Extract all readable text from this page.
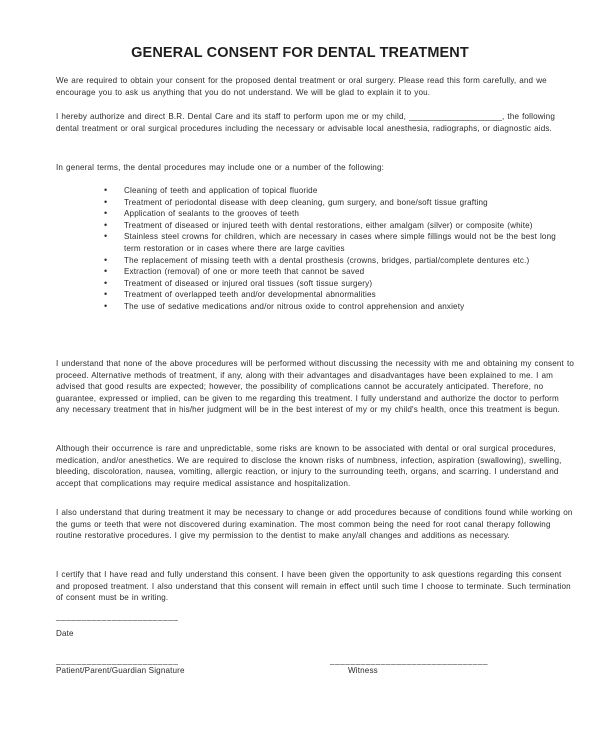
GENERAL CONSENT FOR DENTAL TREATMENT

We are required to obtain your consent for the proposed dental treatment or oral surgery. Please read this form carefully, and we encourage you to ask us anything that you do not understand. We will be glad to explain it to you.

I hereby authorize and direct B.R. Dental Care and its staff to perform upon me or my child, ____________________, the following dental treatment or oral surgical procedures including the necessary or advisable local anesthesia, radiographs, or diagnostic aids.

In general terms, the dental procedures may include one or a number of the following:

• Cleaning of teeth and application of topical fluoride
• Treatment of periodontal disease with deep cleaning, gum surgery, and bone/soft tissue grafting
• Application of sealants to the grooves of teeth
• Treatment of diseased or injured teeth with dental restorations, either amalgam (silver) or composite (white)
• Stainless steel crowns for children, which are necessary in cases where simple fillings would not be the best long term restoration or in cases where there are large cavities
• The replacement of missing teeth with a dental prosthesis (crowns, bridges, partial/complete dentures etc.)
• Extraction (removal) of one or more teeth that cannot be saved
• Treatment of diseased or injured oral tissues (soft tissue surgery)
• Treatment of overlapped teeth and/or developmental abnormalities
• The use of sedative medications and/or nitrous oxide to control apprehension and anxiety

I understand that none of the above procedures will be performed without discussing the necessity with me and obtaining my consent to proceed. Alternative methods of treatment, if any, along with their advantages and disadvantages have been explained to me. I am advised that good results are expected; however, the possibility of complications cannot be accurately anticipated. Therefore, no guarantee, expressed or implied, can be given to me regarding this treatment. I fully understand and authorize the doctor to perform any necessary treatment that in his/her judgment will be in the best interest of my or my child's health, once this treatment is begun.

Although their occurrence is rare and unpredictable, some risks are known to be associated with dental or oral surgical procedures, medication, and/or anesthetics. We are required to disclose the known risks of numbness, infection, aspiration (swallowing), swelling, bleeding, discoloration, nausea, vomiting, allergic reaction, or injury to the surrounding teeth, organs, and scarring. I understand and accept that complications may require medical assistance and hospitalization.

I also understand that during treatment it may be necessary to change or add procedures because of conditions found while working on the gums or teeth that were not discovered during examination. The most common being the need for root canal therapy following routine restorative procedures. I give my permission to the dentist to make any/all changes and additions as necessary.

I certify that I have read and fully understand this consent. I have been given the opportunity to ask questions regarding this consent and proposed treatment. I also understand that this consent will remain in effect until such time I choose to terminate. Such termination of consent must be in writing.

________________________
Date
________________________
Patient/Parent/Guardian Signature
_______________________________
Witness
